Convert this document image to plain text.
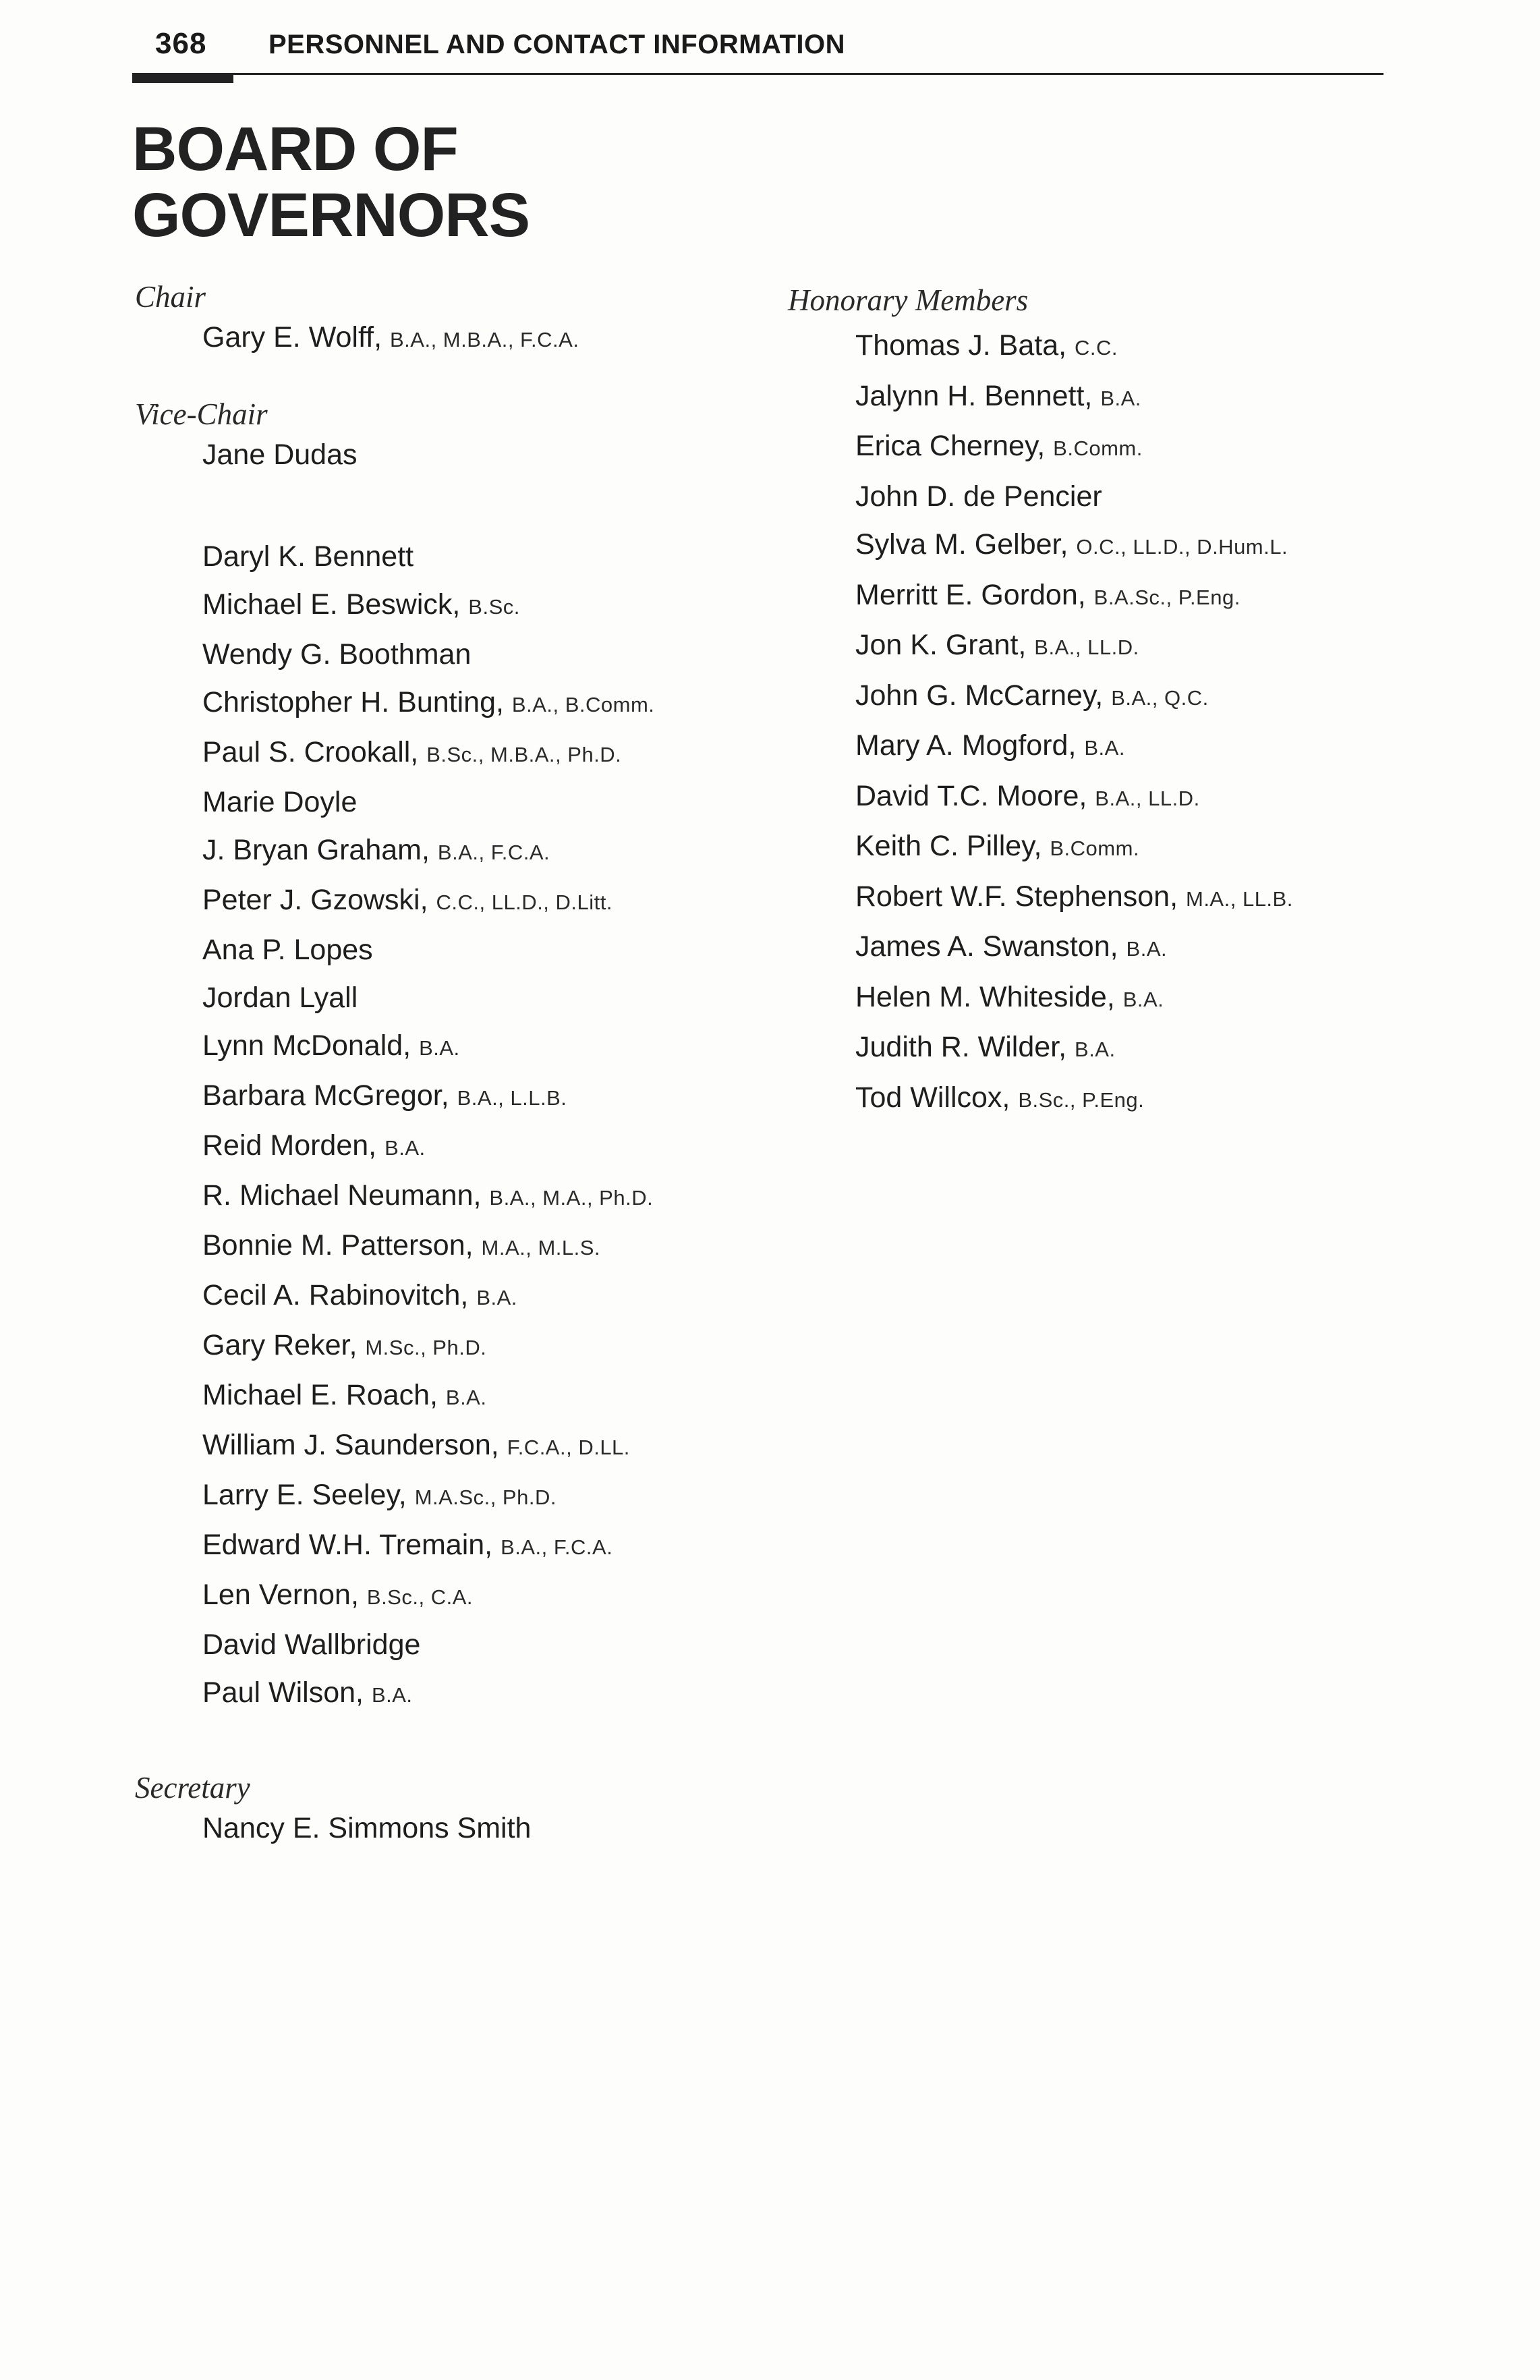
368 PERSONNEL AND CONTACT INFORMATION
BOARD OF
GOVERNORS
Chair
Gary E. Wolff, B.A., M.B.A., F.C.A.
Vice-Chair
Jane Dudas
Daryl K. Bennett
Michael E. Beswick, B.Sc.
Wendy G. Boothman
Christopher H. Bunting, B.A., B.Comm.
Paul S. Crookall, B.Sc., M.B.A., Ph.D.
Marie Doyle
J. Bryan Graham, B.A., F.C.A.
Peter J. Gzowski, C.C., LL.D., D.Litt.
Ana P. Lopes
Jordan Lyall
Lynn McDonald, B.A.
Barbara McGregor, B.A., L.L.B.
Reid Morden, B.A.
R. Michael Neumann, B.A., M.A., Ph.D.
Bonnie M. Patterson, M.A., M.L.S.
Cecil A. Rabinovitch, B.A.
Gary Reker, M.Sc., Ph.D.
Michael E. Roach, B.A.
William J. Saunderson, F.C.A., D.LL.
Larry E. Seeley, M.A.Sc., Ph.D.
Edward W.H. Tremain, B.A., F.C.A.
Len Vernon, B.Sc., C.A.
David Wallbridge
Paul Wilson, B.A.
Secretary
Nancy E. Simmons Smith
Honorary Members
Thomas J. Bata, C.C.
Jalynn H. Bennett, B.A.
Erica Cherney, B.Comm.
John D. de Pencier
Sylva M. Gelber, O.C., LL.D., D.Hum.L.
Merritt E. Gordon, B.A.Sc., P.Eng.
Jon K. Grant, B.A., LL.D.
John G. McCarney, B.A., Q.C.
Mary A. Mogford, B.A.
David T.C. Moore, B.A., LL.D.
Keith C. Pilley, B.Comm.
Robert W.F. Stephenson, M.A., LL.B.
James A. Swanston, B.A.
Helen M. Whiteside, B.A.
Judith R. Wilder, B.A.
Tod Willcox, B.Sc., P.Eng.
